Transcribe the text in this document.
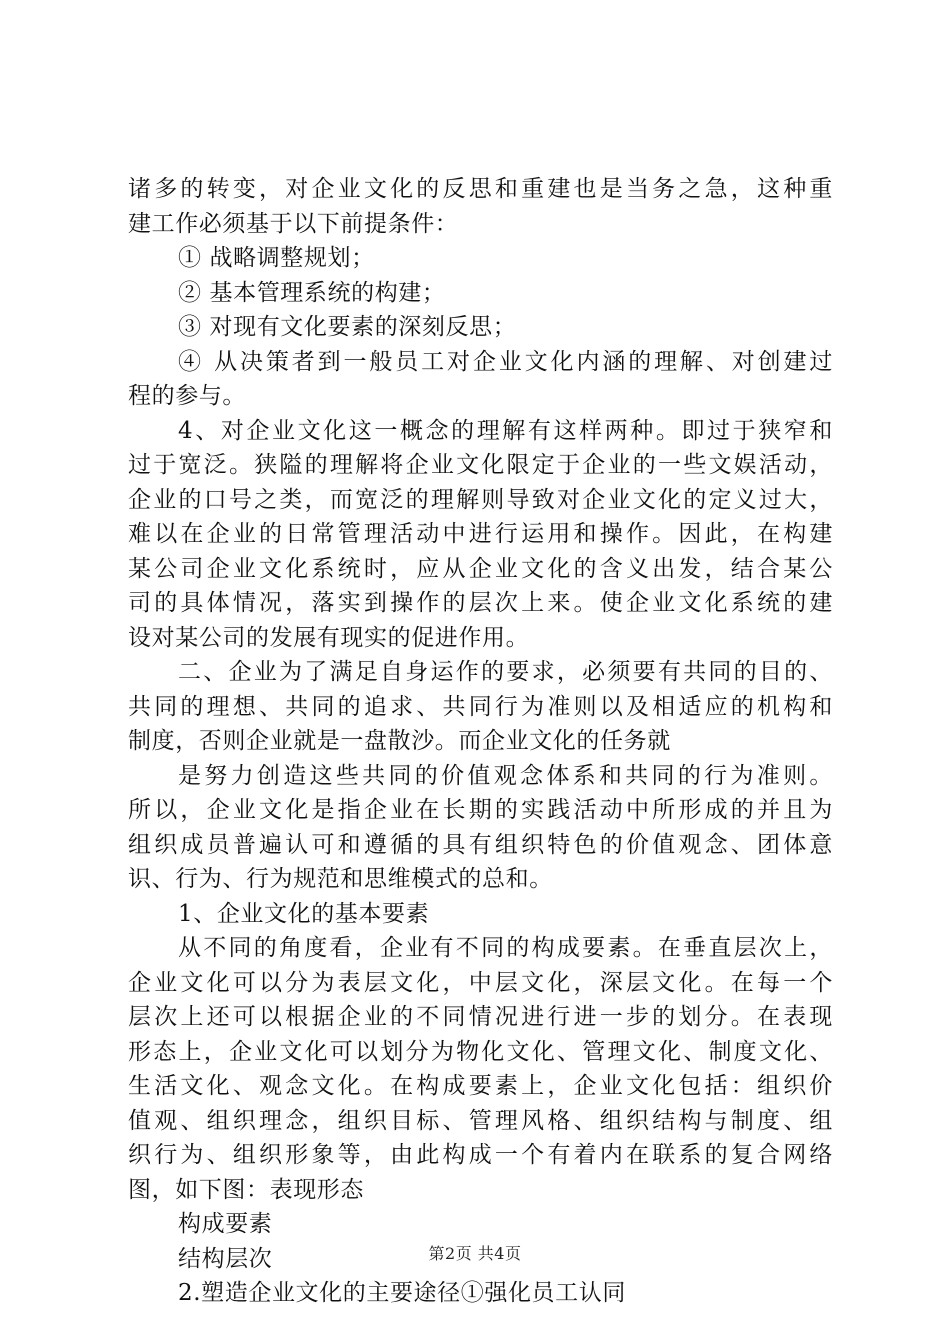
诸多的转变，对企业文化的反思和重建也是当务之急，这种重
建工作必须基于以下前提条件：
① 战略调整规划；
② 基本管理系统的构建；
③ 对现有文化要素的深刻反思；
④ 从决策者到一般员工对企业文化内涵的理解、对创建过
程的参与。
4、对企业文化这一概念的理解有这样两种。即过于狭窄和
过于宽泛。狭隘的理解将企业文化限定于企业的一些文娱活动，
企业的口号之类，而宽泛的理解则导致对企业文化的定义过大，
难以在企业的日常管理活动中进行运用和操作。因此，在构建
某公司企业文化系统时，应从企业文化的含义出发，结合某公
司的具体情况，落实到操作的层次上来。使企业文化系统的建
设对某公司的发展有现实的促进作用。
二、企业为了满足自身运作的要求，必须要有共同的目的、
共同的理想、共同的追求、共同行为准则以及相适应的机构和
制度，否则企业就是一盘散沙。而企业文化的任务就
是努力创造这些共同的价值观念体系和共同的行为准则。
所以，企业文化是指企业在长期的实践活动中所形成的并且为
组织成员普遍认可和遵循的具有组织特色的价值观念、团体意
识、行为、行为规范和思维模式的总和。
1、企业文化的基本要素
从不同的角度看，企业有不同的构成要素。在垂直层次上，
企业文化可以分为表层文化，中层文化，深层文化。在每一个
层次上还可以根据企业的不同情况进行进一步的划分。在表现
形态上，企业文化可以划分为物化文化、管理文化、制度文化、
生活文化、观念文化。在构成要素上，企业文化包括：组织价
值观、组织理念，组织目标、管理风格、组织结构与制度、组
织行为、组织形象等，由此构成一个有着内在联系的复合网络
图，如下图：表现形态
构成要素
结构层次
2.塑造企业文化的主要途径①强化员工认同
第2页 共4页
